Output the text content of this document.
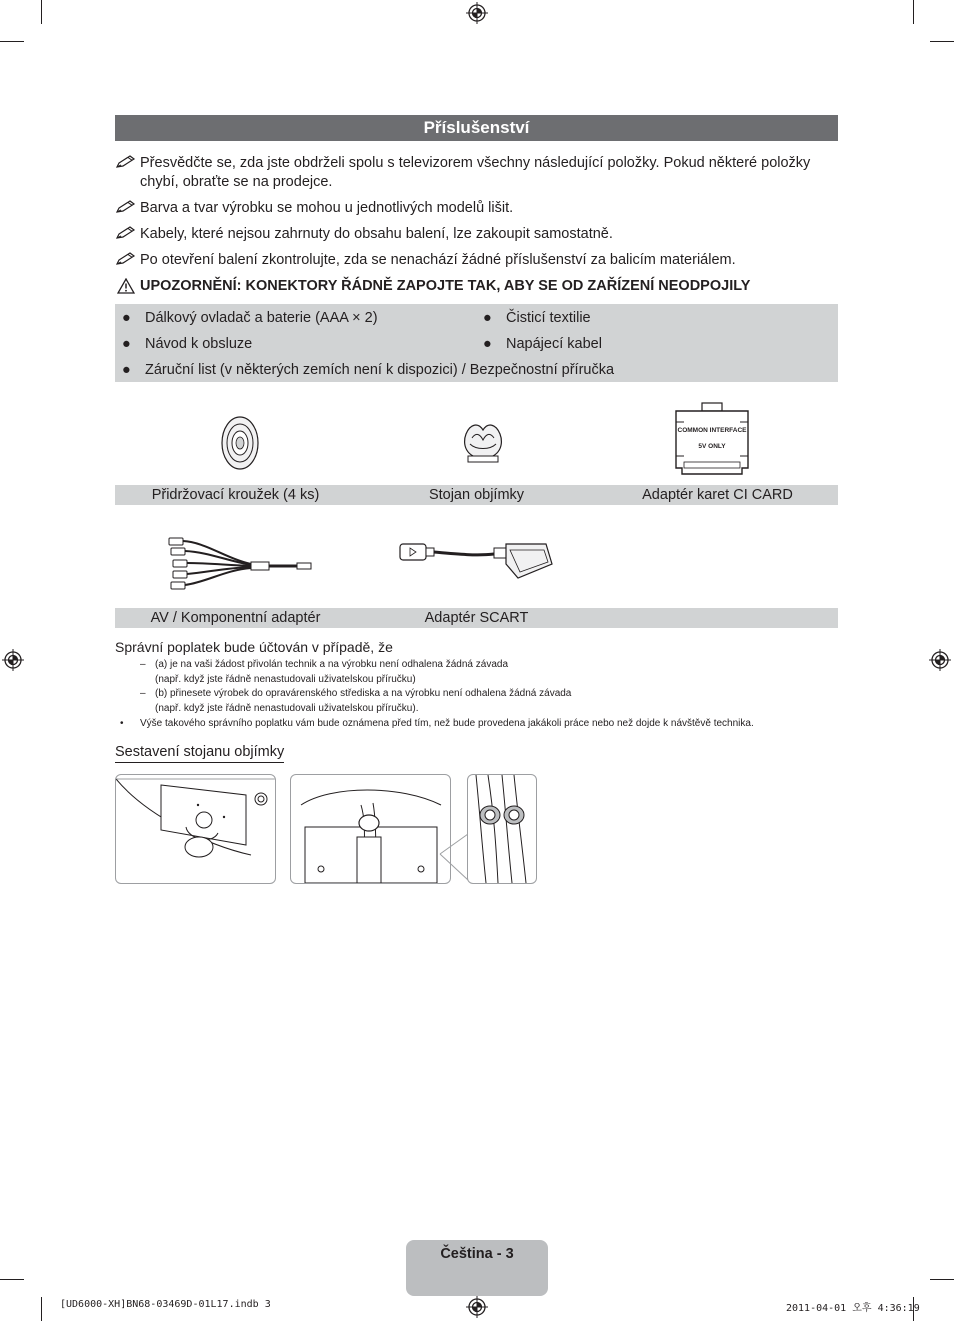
Příslušenství
Přesvědčte se, zda jste obdrželi spolu s televizorem všechny následující položky. Pokud některé položky chybí, obraťte se na prodejce.
Barva a tvar výrobku se mohou u jednotlivých modelů lišit.
Kabely, které nejsou zahrnuty do obsahu balení, lze zakoupit samostatně.
Po otevření balení zkontrolujte, zda se nenachází žádné příslušenství za balicím materiálem.
UPOZORNĚNÍ: KONEKTORY ŘÁDNĚ ZAPOJTE TAK, ABY SE OD ZAŘÍZENÍ NEODPOJILY
● Dálkový ovladač a baterie (AAA × 2)
● Návod k obsluze
● Záruční list (v některých zemích není k dispozici) / Bezpečnostní příručka
● Čisticí textilie
● Napájecí kabel
COMMON INTERFACE
5V ONLY
Přidržovací kroužek (4 ks)	Stojan objímky	Adaptér karet CI CARD
AV / Komponentní adaptér	Adaptér SCART
Správní poplatek bude účtován v případě, že
– (a) je na vaši žádost přivolán technik a na výrobku není odhalena žádná závada
(např. když jste řádně nenastudovali uživatelskou příručku)
– (b) přinesete výrobek do opravárenského střediska a na výrobku není odhalena žádná závada
(např. když jste řádně nenastudovali uživatelskou příručku).
• Výše takového správního poplatku vám bude oznámena před tím, než bude provedena jakákoli práce nebo než dojde k návštěvě technika.
Sestavení stojanu objímky
Čeština - 3
[UD6000-XH]BN68-03469D-01L17.indb 3	2011-04-01 오후 4:36:19
